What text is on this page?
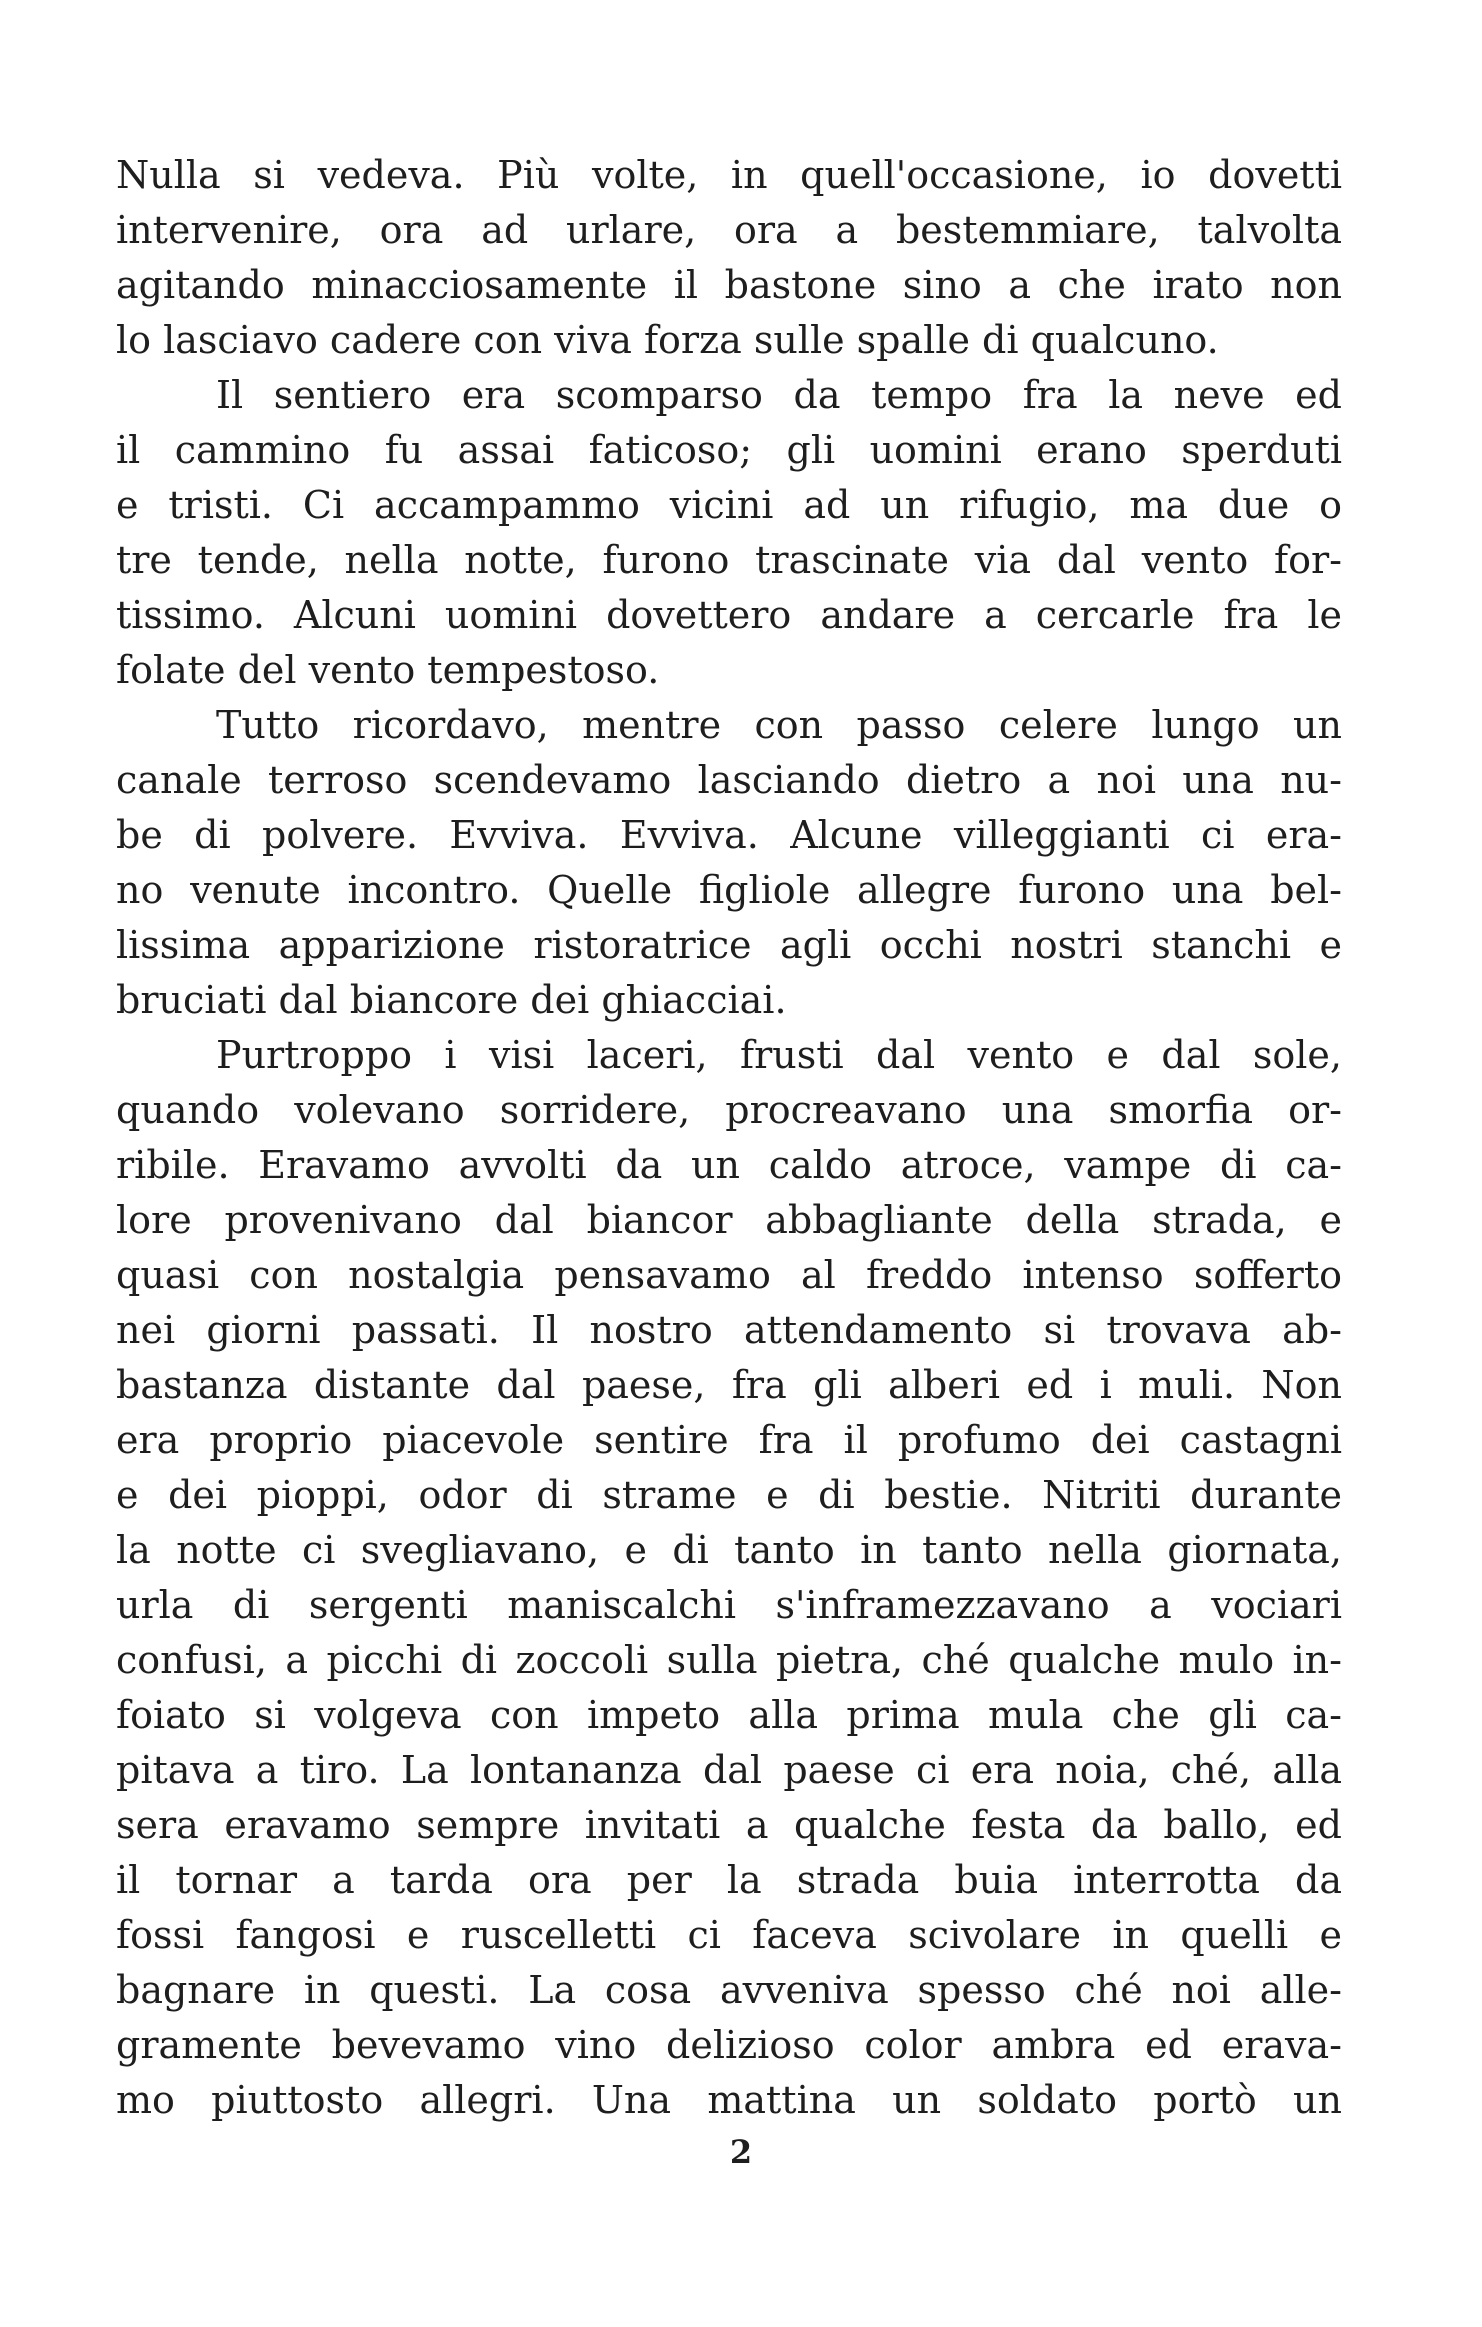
Nulla si vedeva. Più volte, in quell'occasione, io dovetti
intervenire, ora ad urlare, ora a bestemmiare, talvolta
agitando minacciosamente il bastone sino a che irato non
lo lasciavo cadere con viva forza sulle spalle di qualcuno.
Il sentiero era scomparso da tempo fra la neve ed
il cammino fu assai faticoso; gli uomini erano sperduti
e tristi. Ci accampammo vicini ad un rifugio, ma due o
tre tende, nella notte, furono trascinate via dal vento for-
tissimo. Alcuni uomini dovettero andare a cercarle fra le
folate del vento tempestoso.
Tutto ricordavo, mentre con passo celere lungo un
canale terroso scendevamo lasciando dietro a noi una nu-
be di polvere. Evviva. Evviva. Alcune villeggianti ci era-
no venute incontro. Quelle figliole allegre furono una bel-
lissima apparizione ristoratrice agli occhi nostri stanchi e
bruciati dal biancore dei ghiacciai.
Purtroppo i visi laceri, frusti dal vento e dal sole,
quando volevano sorridere, procreavano una smorfia or-
ribile. Eravamo avvolti da un caldo atroce, vampe di ca-
lore provenivano dal biancor abbagliante della strada, e
quasi con nostalgia pensavamo al freddo intenso sofferto
nei giorni passati. Il nostro attendamento si trovava ab-
bastanza distante dal paese, fra gli alberi ed i muli. Non
era proprio piacevole sentire fra il profumo dei castagni
e dei pioppi, odor di strame e di bestie. Nitriti durante
la notte ci svegliavano, e di tanto in tanto nella giornata,
urla di sergenti maniscalchi s'inframezzavano a vociari
confusi, a picchi di zoccoli sulla pietra, ché qualche mulo in-
foiato si volgeva con impeto alla prima mula che gli ca-
pitava a tiro. La lontananza dal paese ci era noia, ché, alla
sera eravamo sempre invitati a qualche festa da ballo, ed
il tornar a tarda ora per la strada buia interrotta da
fossi fangosi e ruscelletti ci faceva scivolare in quelli e
bagnare in questi. La cosa avveniva spesso ché noi alle-
gramente bevevamo vino delizioso color ambra ed erava-
mo piuttosto allegri. Una mattina un soldato portò un
2
